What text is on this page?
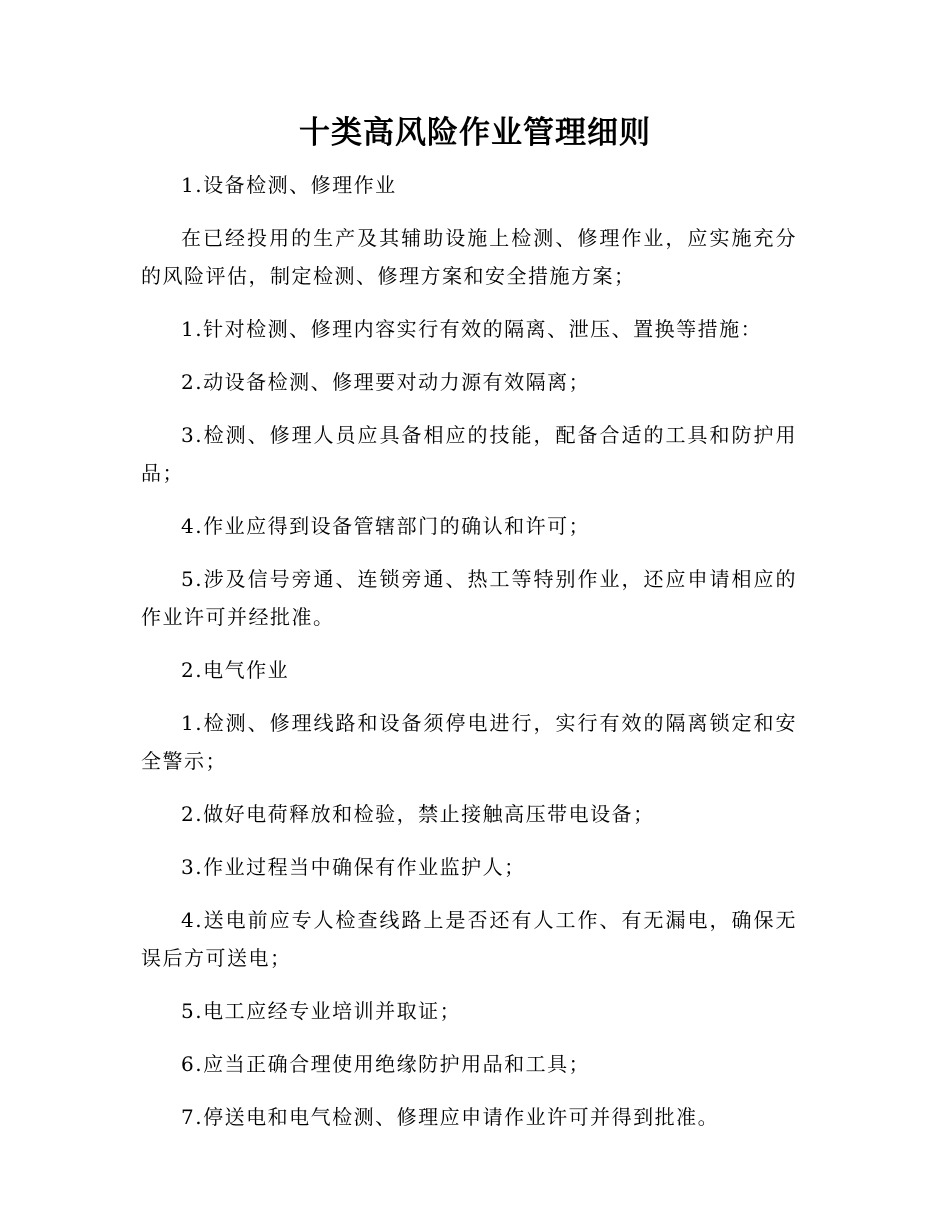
十类高风险作业管理细则

1.设备检测、修理作业

在已经投用的生产及其辅助设施上检测、修理作业，应实施充分的风险评估，制定检测、修理方案和安全措施方案；

1.针对检测、修理内容实行有效的隔离、泄压、置换等措施：

2.动设备检测、修理要对动力源有效隔离；

3.检测、修理人员应具备相应的技能，配备合适的工具和防护用品；

4.作业应得到设备管辖部门的确认和许可；

5.涉及信号旁通、连锁旁通、热工等特别作业，还应申请相应的作业许可并经批准。

2.电气作业

1.检测、修理线路和设备须停电进行，实行有效的隔离锁定和安全警示；

2.做好电荷释放和检验，禁止接触高压带电设备；

3.作业过程当中确保有作业监护人；

4.送电前应专人检查线路上是否还有人工作、有无漏电，确保无误后方可送电；

5.电工应经专业培训并取证；

6.应当正确合理使用绝缘防护用品和工具；

7.停送电和电气检测、修理应申请作业许可并得到批准。
